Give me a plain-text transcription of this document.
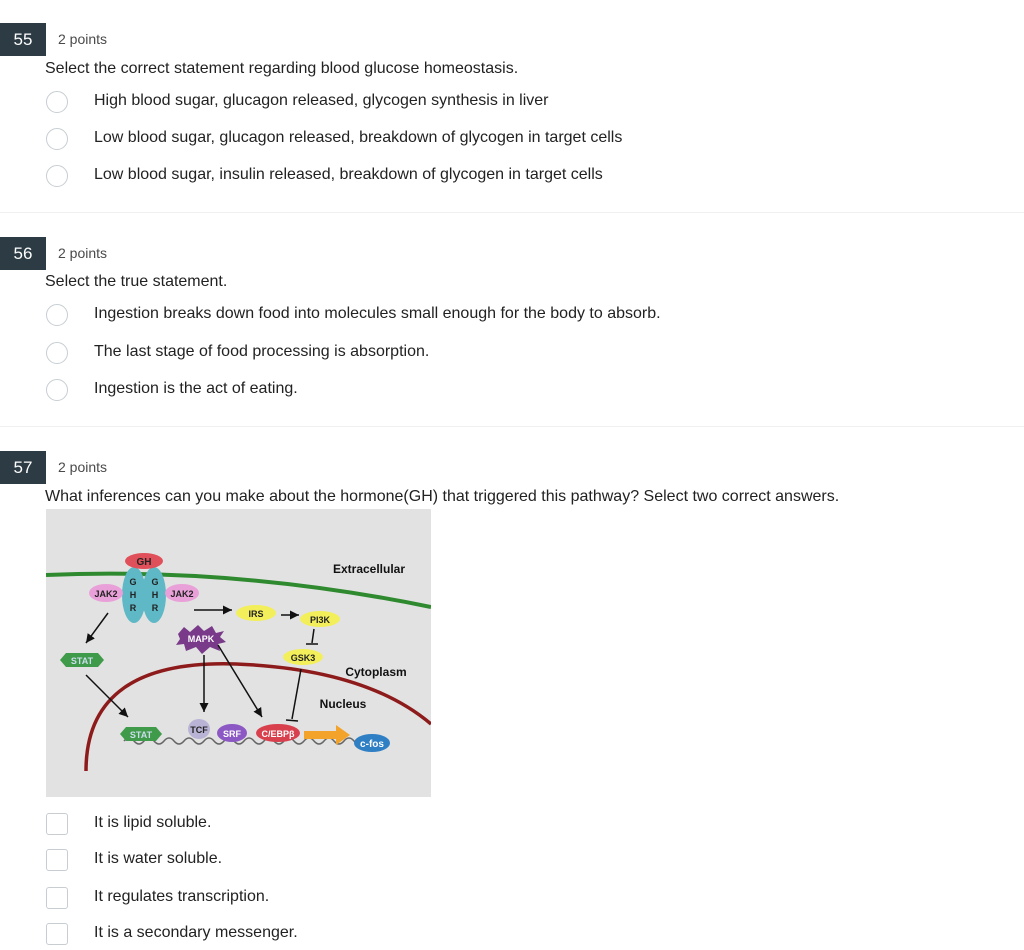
55	2 points
Select the correct statement regarding blood glucose homeostasis.
High blood sugar, glucagon released, glycogen synthesis in liver
Low blood sugar, glucagon released, breakdown of glycogen in target cells
Low blood sugar, insulin released, breakdown of glycogen in target cells
56	2 points
Select the true statement.
Ingestion breaks down food into molecules small enough for the body to absorb.
The last stage of food processing is absorption.
Ingestion is the act of eating.
57	2 points
What inferences can you make about the hormone(GH) that triggered this pathway? Select two correct answers.
GH
G
H
R
G
H
R
JAK2	JAK2
Extracellular
IRS
PI3K
GSK3
MAPK
STAT
Cytoplasm
Nucleus
STAT	TCF SRF C/EBPβ
c-fos
It is lipid soluble.
It is water soluble.
It regulates transcription.
It is a secondary messenger.
